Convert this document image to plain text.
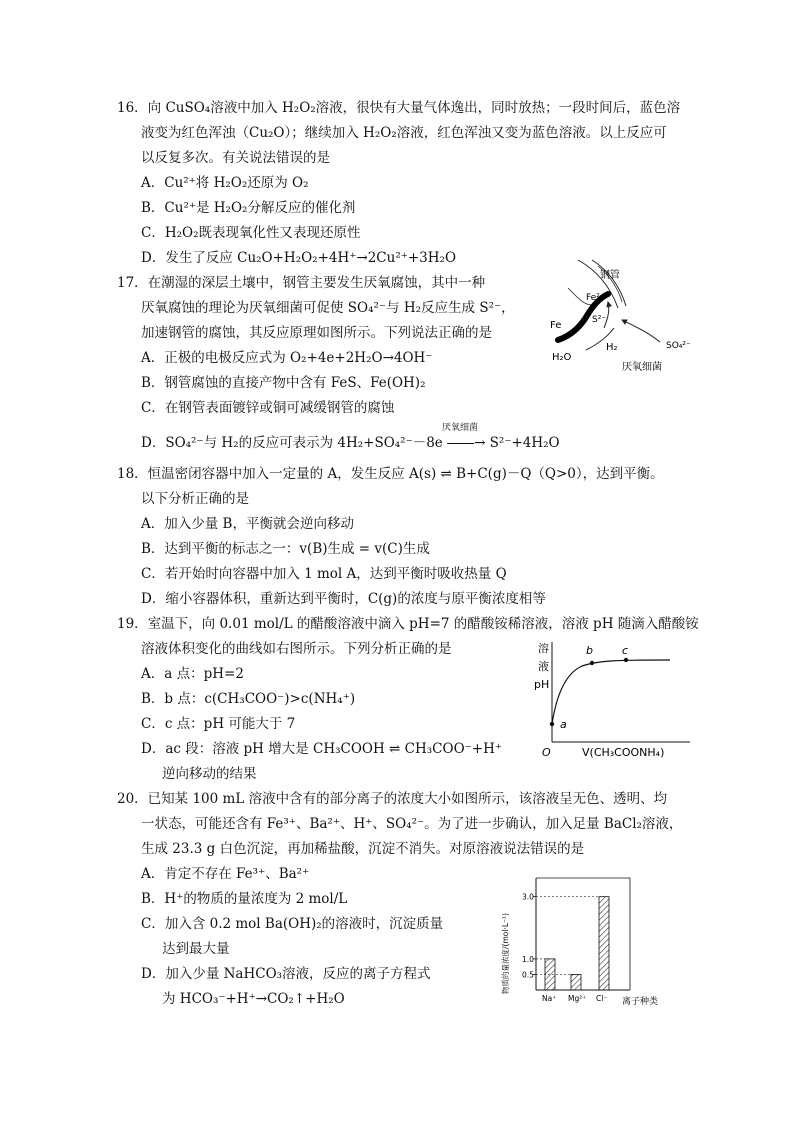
16．向 CuSO₄溶液中加入 H₂O₂溶液，很快有大量气体逸出，同时放热；一段时间后，蓝色溶
液变为红色浑浊（Cu₂O）；继续加入 H₂O₂溶液，红色浑浊又变为蓝色溶液。以上反应可
以反复多次。有关说法错误的是
A．Cu²⁺将 H₂O₂还原为 O₂
B．Cu²⁺是 H₂O₂分解反应的催化剂
C．H₂O₂既表现氧化性又表现还原性
D．发生了反应 Cu₂O+H₂O₂+4H⁺→2Cu²⁺+3H₂O
17．在潮湿的深层土壤中，钢管主要发生厌氧腐蚀，其中一种
厌氧腐蚀的理论为厌氧细菌可促使 SO₄²⁻与 H₂反应生成 S²⁻，
加速钢管的腐蚀，其反应原理如图所示。下列说法正确的是
A．正极的电极反应式为 O₂+4e+2H₂O→4OH⁻
B．钢管腐蚀的直接产物中含有 FeS、Fe(OH)₂
C．在钢管表面镀锌或铜可减缓钢管的腐蚀
D．SO₄²⁻与 H₂的反应可表示为 4H₂+SO₄²⁻－8e ⎯⎯⎯⎯→ S²⁻+4H₂O
厌氧细菌
钢管
Fe²⁺
Fe	S²⁻
H₂O
H₂	SO₄²⁻
厌氧细菌
18．恒温密闭容器中加入一定量的 A，发生反应 A(s) ⇌ B+C(g)－Q（Q>0），达到平衡。
以下分析正确的是
A．加入少量 B，平衡就会逆向移动
B．达到平衡的标志之一：v(B)生成 = v(C)生成
C．若开始时向容器中加入 1 mol A，达到平衡时吸收热量 Q
D．缩小容器体积，重新达到平衡时，C(g)的浓度与原平衡浓度相等
19．室温下，向 0.01 mol/L 的醋酸溶液中滴入 pH=7 的醋酸铵稀溶液，溶液 pH 随滴入醋酸铵
溶液体积变化的曲线如右图所示。下列分析正确的是
A．a 点：pH=2
B．b 点：c(CH₃COO⁻)>c(NH₄⁺)
C．c 点：pH 可能大于 7
D．ac 段：溶液 pH 增大是 CH₃COOH ⇌ CH₃COO⁻+H⁺
逆向移动的结果
溶
液
pH
a
b	c
O	V(CH₃COONH₄)
20．已知某 100 mL 溶液中含有的部分离子的浓度大小如图所示，该溶液呈无色、透明、均
一状态，可能还含有 Fe³⁺、Ba²⁺、H⁺、SO₄²⁻。为了进一步确认，加入足量 BaCl₂溶液，
生成 23.3 g 白色沉淀，再加稀盐酸，沉淀不消失。对原溶液说法错误的是
A．肯定不存在 Fe³⁺、Ba²⁺
B．H⁺的物质的量浓度为 2 mol/L
C．加入含 0.2 mol Ba(OH)₂的溶液时，沉淀质量
达到最大量
D．加入少量 NaHCO₃溶液，反应的离子方程式
为 HCO₃⁻+H⁺→CO₂↑+H₂O
物质的量浓度/(mol·L⁻¹) 0.5
1.0
3.0
Na⁺ Mg²⁺ Cl⁻ 离子种类
